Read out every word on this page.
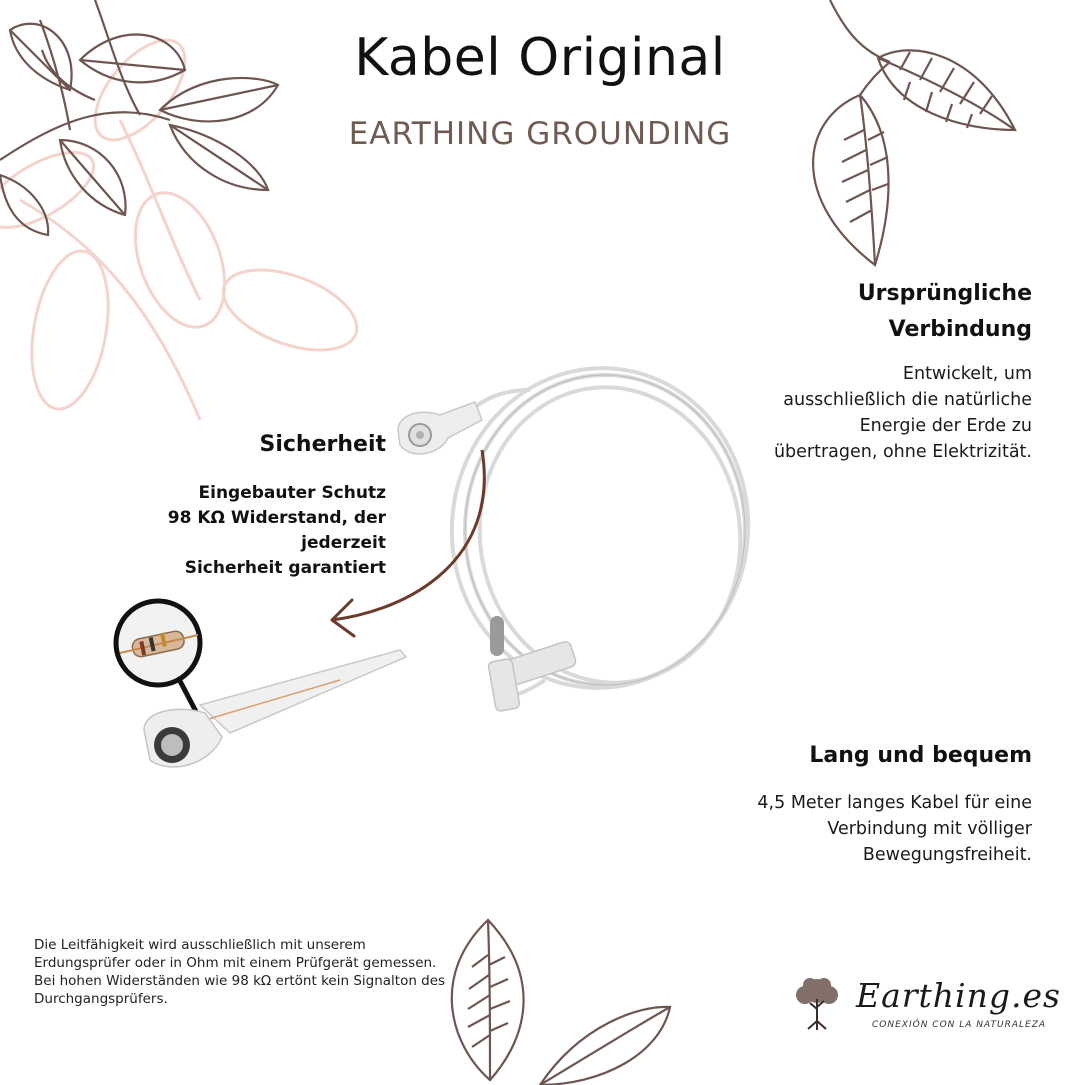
Kabel Original
EARTHING GROUNDING
Ursprüngliche
Verbindung
Entwickelt, um
ausschließlich die natürliche
Energie der Erde zu
übertragen, ohne Elektrizität.
Sicherheit
Eingebauter Schutz
98 KΩ Widerstand, der jederzeit
Sicherheit garantiert
Lang und bequem
4,5 Meter langes Kabel für eine
Verbindung mit völliger
Bewegungsfreiheit.
Die Leitfähigkeit wird ausschließlich mit unserem Erdungsprüfer oder in Ohm mit einem Prüfgerät gemessen. Bei hohen Widerständen wie 98 kΩ ertönt kein Signalton des Durchgangsprüfers.	Earthing.es
CONEXIÓN CON LA NATURALEZA
